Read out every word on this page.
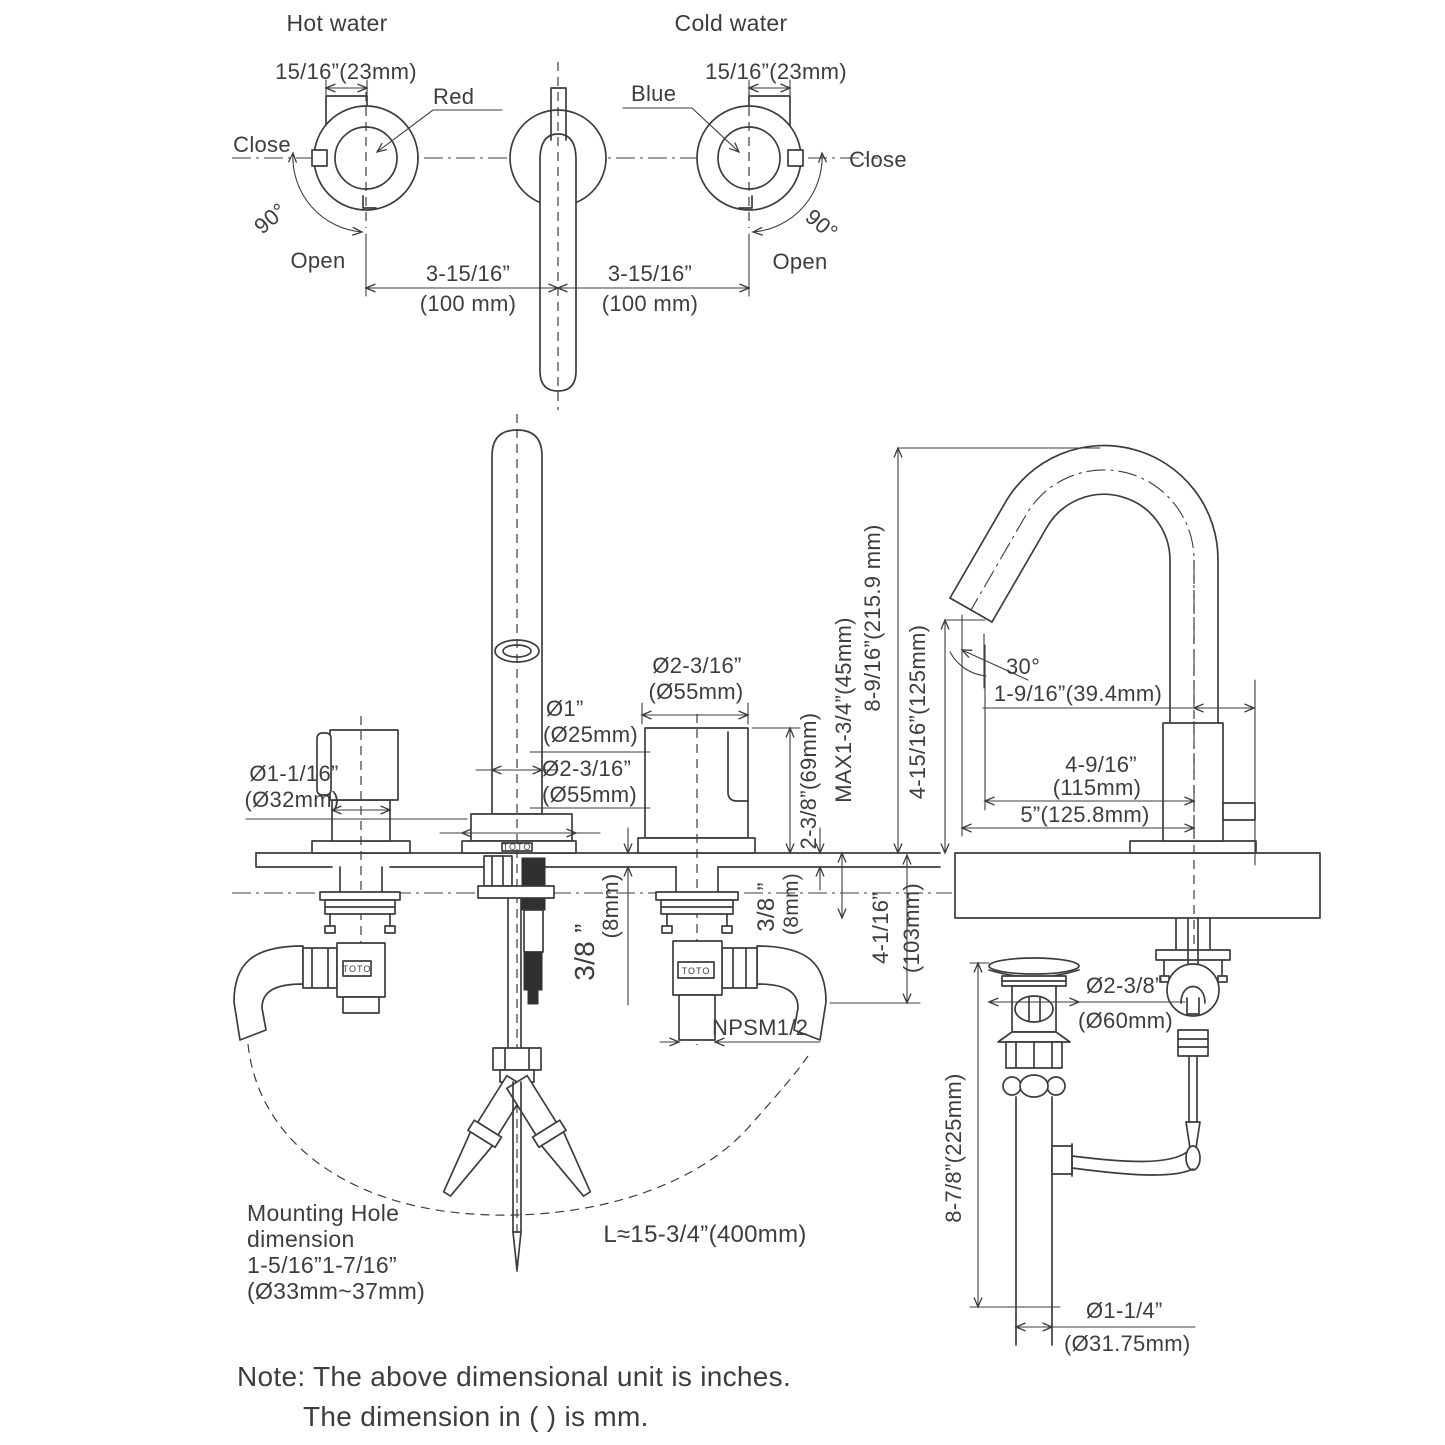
Hot water	Cold water
15/16”(23mm)	15/16”(23mm)
Red	Blue
Close
Close
90°	90°
Open	Open
3-15/16”
(100 mm)
3-15/16”
(100 mm)
TOTO
TOTO
TOTO
Ø1-1/16”
(Ø32mm)
Ø1”
(Ø25mm)
Ø2-3/16”
(Ø55mm)
Ø2-3/16”
(Ø55mm)
2-3/8”(69mm) MAX1-3/4”(45mm)
3/8 ”
(8mm)	3/8 ” (8mm)	4-1/16” (103mm)
NPSM1/2
L≈15-3/4”(400mm)
Mounting Hole
dimension
1-5/16”1-7/16”
(Ø33mm~37mm)
8-9/16”(215.9 mm)
4-15/16”(125mm)	30°
1-9/16”(39.4mm)
4-9/16”
(115mm)
5”(125.8mm)
Ø2-3/8”
(Ø60mm)
8-7/8”(225mm)
Ø1-1/4”
(Ø31.75mm)
Note: The above dimensional unit is inches.
The dimension in ( ) is mm.
